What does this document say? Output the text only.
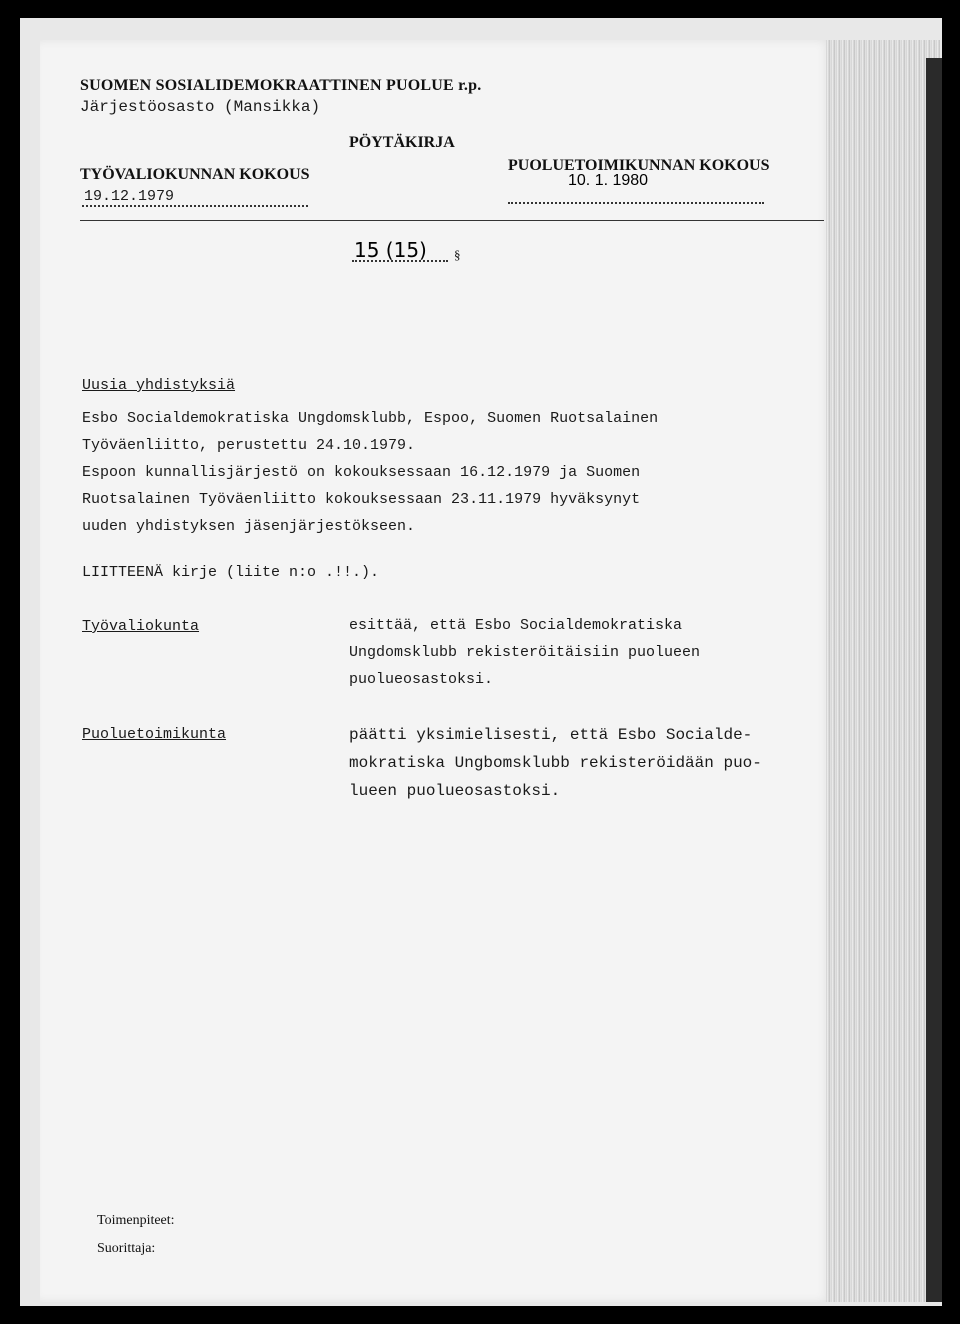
SUOMEN SOSIALIDEMOKRAATTINEN PUOLUE r.p.
Järjestöosasto (Mansikka)
PÖYTÄKIRJA
TYÖVALIOKUNNAN KOKOUS
19.12.1979
PUOLUETOIMIKUNNAN KOKOUS
10. 1. 1980
15 (15) §
Uusia yhdistyksiä
Esbo Socialdemokratiska Ungdomsklubb, Espoo, Suomen Ruotsalainen
Työväenliitto, perustettu 24.10.1979.
Espoon kunnallisjärjestö on kokouksessaan 16.12.1979 ja Suomen
Ruotsalainen Työväenliitto kokouksessaan 23.11.1979 hyväksynyt
uuden yhdistyksen jäsenjärjestökseen.
LIITTEENÄ kirje (liite n:o .!!.).
Työvaliokunta	esittää, että Esbo Socialdemokratiska
Ungdomsklubb rekisteröitäisiin puolueen
puolueosastoksi.
Puoluetoimikunta	päätti yksimielisesti, että Esbo Socialde-
mokratiska Ungbomsklubb rekisteröidään puo-
lueen puolueosastoksi.
Toimenpiteet:
Suorittaja:
